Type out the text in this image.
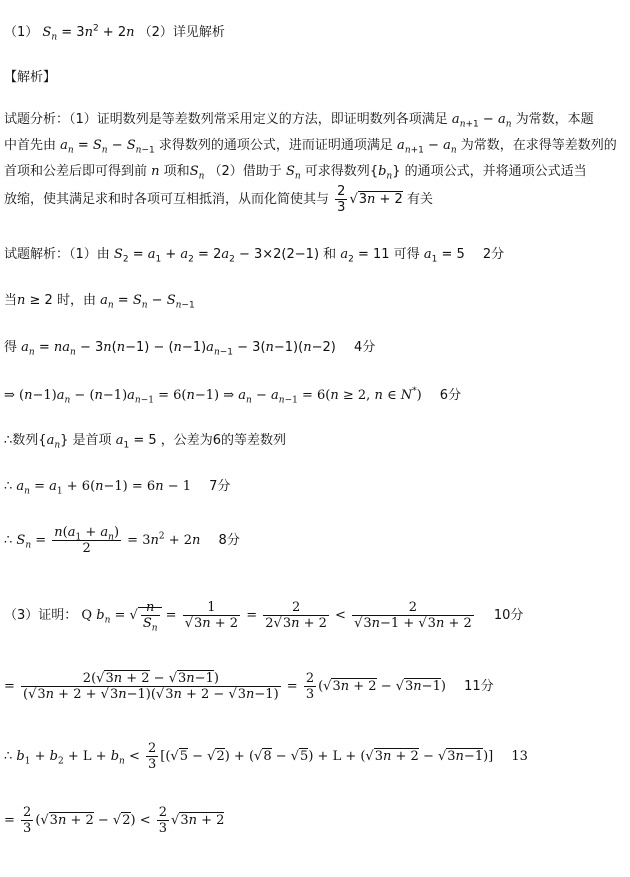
（1） $S_n = 3n^2 + 2n$ （2）详见解析
【解析】
试题分析：（1）证明数列是等差数列常采用定义的方法，即证明数列各项满足 $a_{n+1} - a_n$ 为常数，本题
中首先由 $a_n = S_n - S_{n-1}$ 求得数列的通项公式，进而证明通项满足 $a_{n+1} - a_n$ 为常数，在求得等差数列的
首项和公差后即可得到前 n 项和$S_n$ （2）借助于 $S_n$ 可求得数列$\{b_n\}$ 的通项公式，并将通项公式适当
放缩，使其满足求和时各项可互相抵消，从而化简使其与 $\frac{2}{3} √3n + 2$ 有关
试题解析：（1）由 $S_2 = a_1 + a_2 = 2a_2 - 3\times 2(2-1)$ 和 $a_2 = 11$ 可得 $a_1 = 5$ 2分
当n ≥ 2 时，由 $a_n = S_n - S_{n-1}$
得 $a_n = na_n - 3n(n-1) - (n-1)a_{n-1} - 3(n-1)(n-2)$ 4分
⇒ $(n-1)a_n - (n-1)a_{n-1} = 6(n-1)$ ⇒ $a_n - a_{n-1} = 6(n \ge 2$, n ∈ N*) 6分
∴数列$\{a_n\}$ 是首项 $a_1 = 5$ ，公差为6的等差数列
∴ $a_n = a_1 + 6(n-1) = 6n - 1$ 7分
∴ $S_n = \frac{n(a_1 + a_n)}{2} = 3n^2 + 2n$ 8分
（3）证明： Q $b_n$ = √ $\frac{n}{S_n} = \frac{1}{√3n + 2} = \frac{2}{2√3n + 2} < \frac{2}{√3n-1 + √3n + 2} 10$分
= $\frac{2(√3n + 2 - √3n-1)}{(√3n + 2 + √3n-1)(√3n + 2 - √3n-1)} = \frac{2}{3} (√3n + 2 - √3n-1)$ 11分
∴ $b_1 + b_2 + L + b_n < \frac{2}{3} [(√5 - √2) + (√8 - √5) + L + (√3n + 2 - √3n-1)]$ 13
= $\frac{2}{3} (√3n + 2 - √2) < \frac{2}{3} √3n + 2$
